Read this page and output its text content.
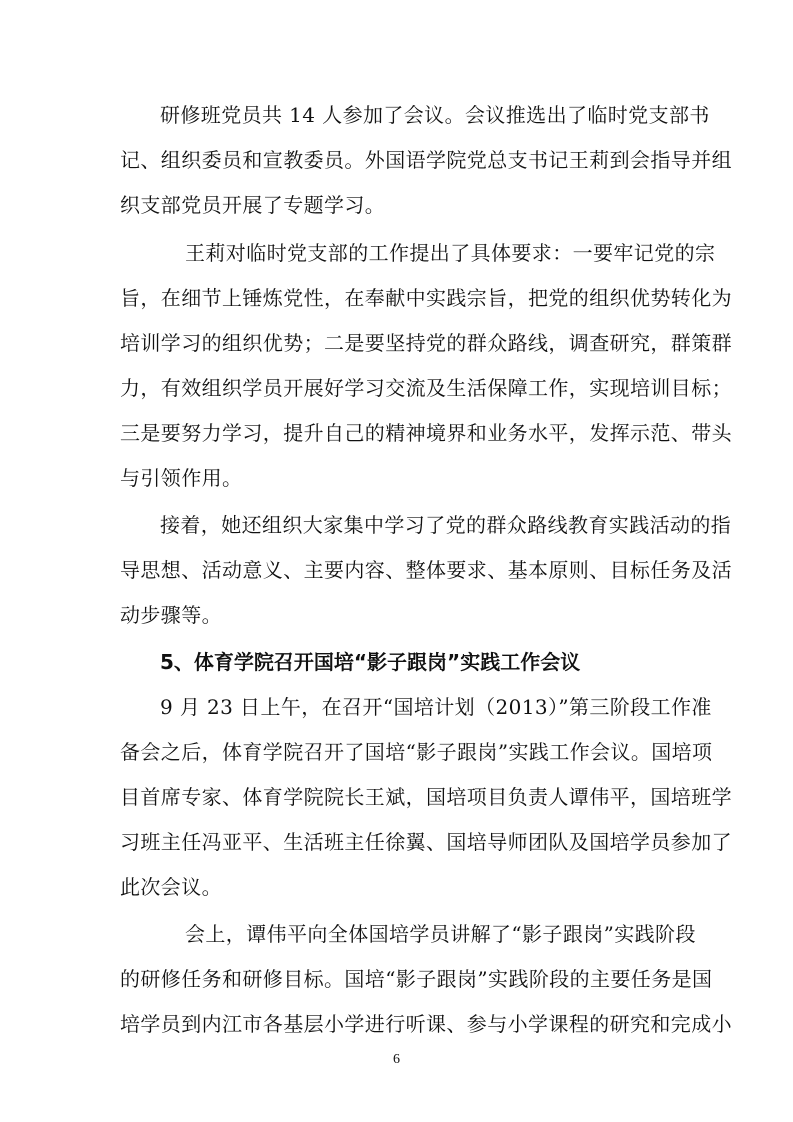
研修班党员共 14 人参加了会议。会议推选出了临时党支部书
记、组织委员和宣教委员。外国语学院党总支书记王莉到会指导并组
织支部党员开展了专题学习。
王莉对临时党支部的工作提出了具体要求：一要牢记党的宗
旨，在细节上锤炼党性，在奉献中实践宗旨，把党的组织优势转化为
培训学习的组织优势；二是要坚持党的群众路线，调查研究，群策群
力，有效组织学员开展好学习交流及生活保障工作，实现培训目标；
三是要努力学习，提升自己的精神境界和业务水平，发挥示范、带头
与引领作用。
接着，她还组织大家集中学习了党的群众路线教育实践活动的指
导思想、活动意义、主要内容、整体要求、基本原则、目标任务及活
动步骤等。
5、体育学院召开国培“影子跟岗”实践工作会议
9 月 23 日上午，在召开“国培计划（2013）”第三阶段工作准
备会之后，体育学院召开了国培“影子跟岗”实践工作会议。国培项
目首席专家、体育学院院长王斌，国培项目负责人谭伟平，国培班学
习班主任冯亚平、生活班主任徐翼、国培导师团队及国培学员参加了
此次会议。
会上，谭伟平向全体国培学员讲解了“影子跟岗”实践阶段
的研修任务和研修目标。国培“影子跟岗”实践阶段的主要任务是国
培学员到内江市各基层小学进行听课、参与小学课程的研究和完成小
6
